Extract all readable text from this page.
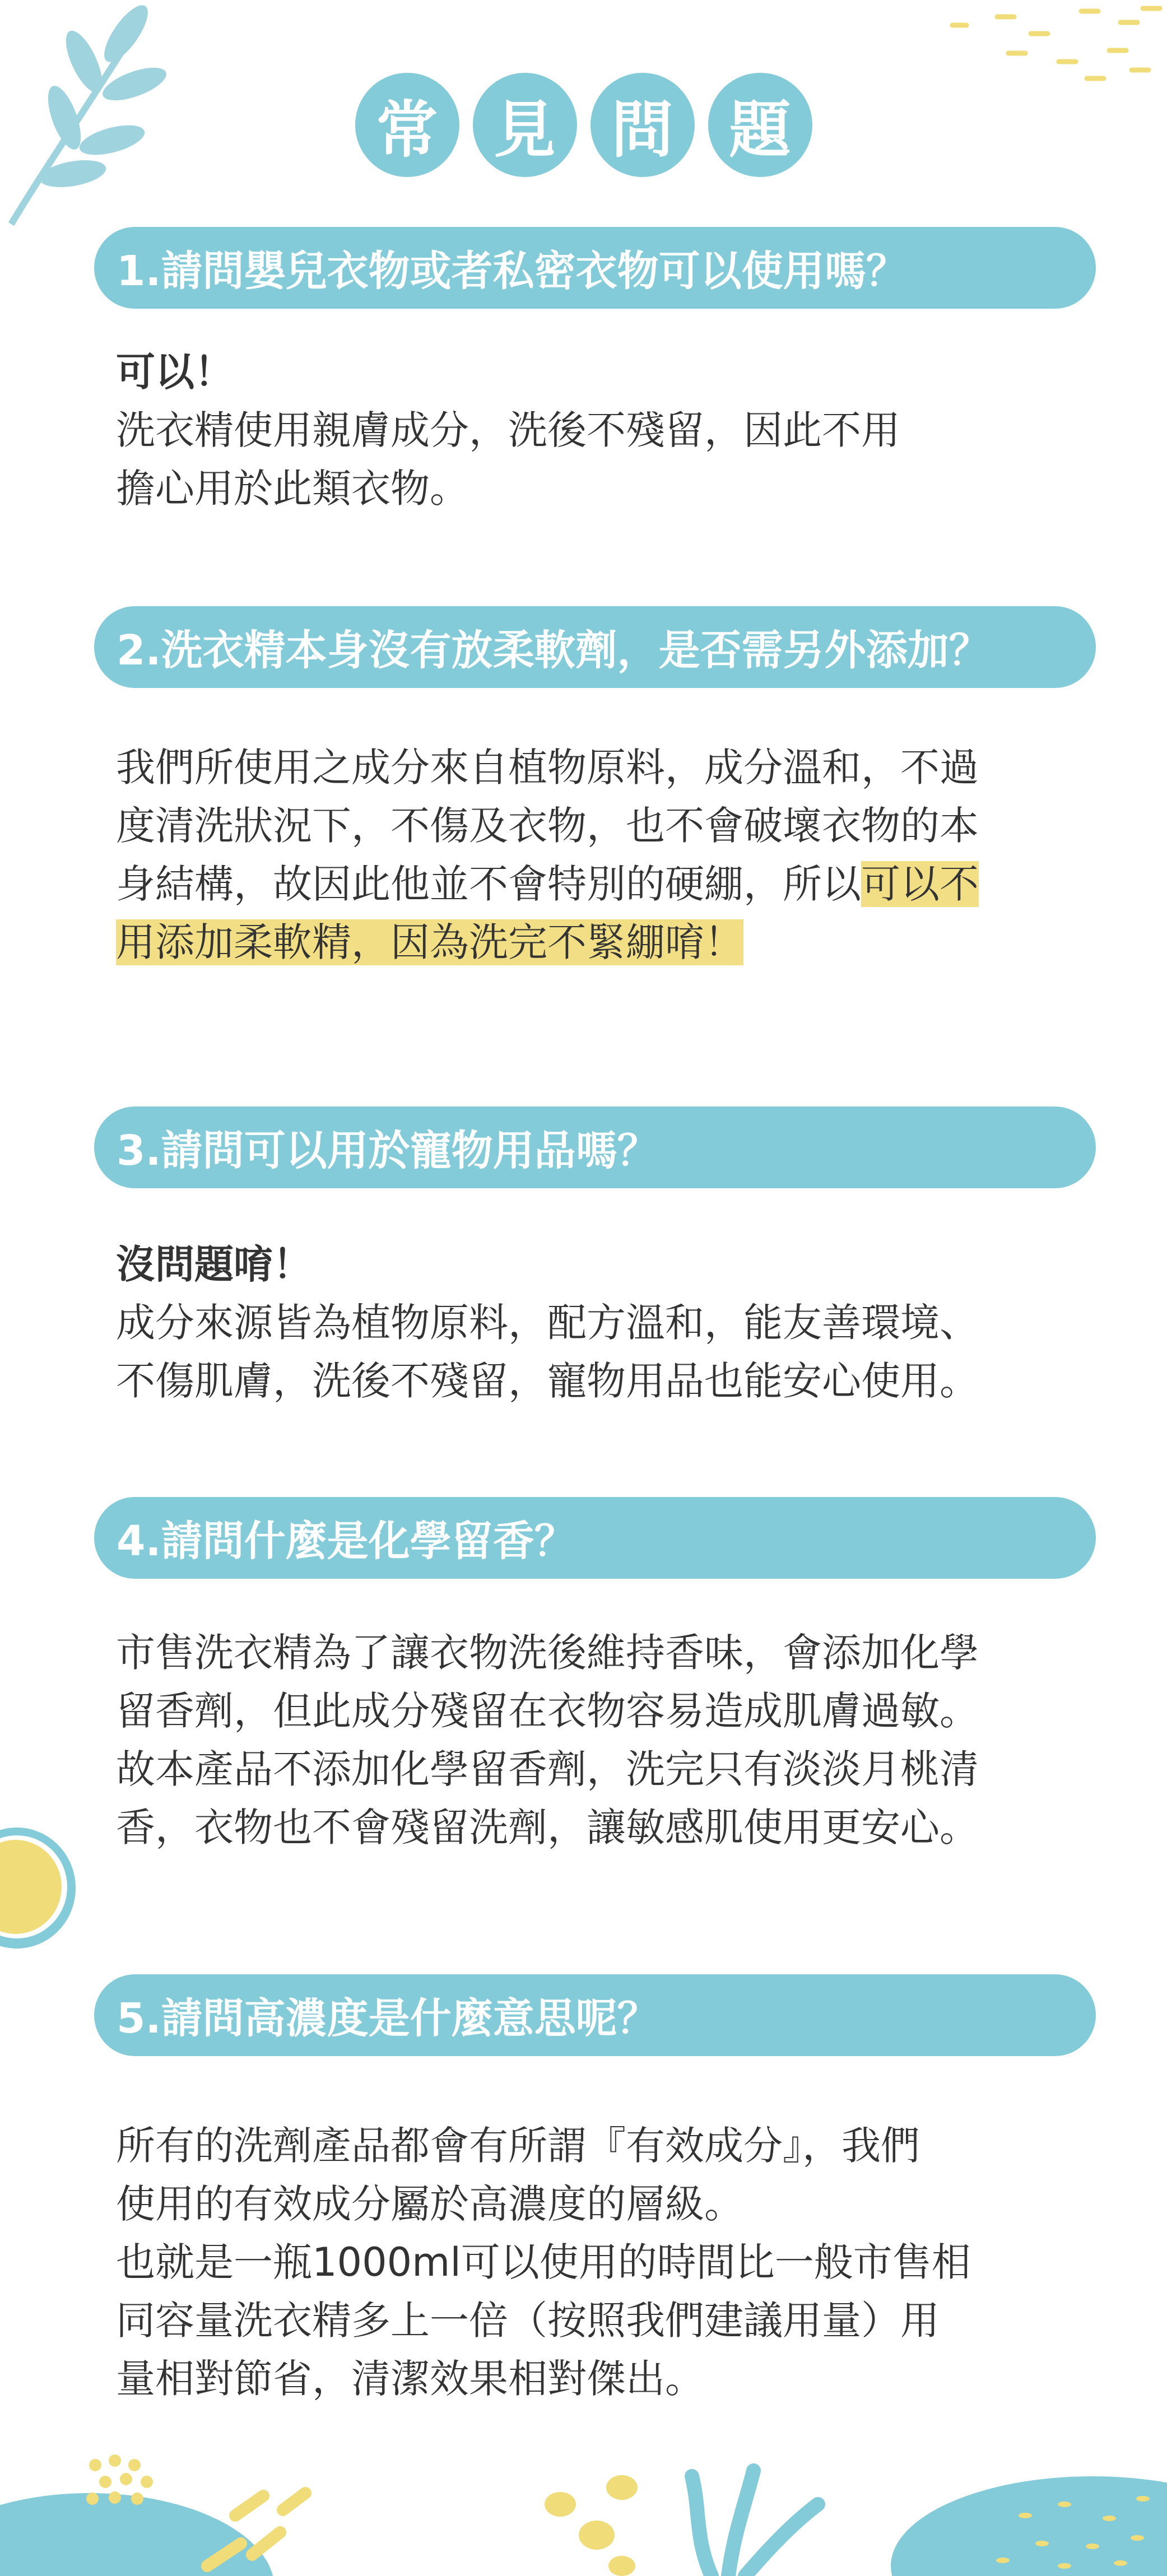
常 見 問 題
1.請問嬰兒衣物或者私密衣物可以使用嗎？

可以！

洗衣精使用親膚成分，洗後不殘留，因此不用

擔心用於此類衣物。

2.洗衣精本身沒有放柔軟劑，是否需另外添加？

我們所使用之成分來自植物原料，成分溫和，不過

度清洗狀況下，不傷及衣物，也不會破壞衣物的本

身結構，故因此他並不會特別的硬綳，所以可以不

用添加柔軟精，因為洗完不緊綳唷！

3.請問可以用於寵物用品嗎？

沒問題唷！

成分來源皆為植物原料，配方溫和，能友善環境、

不傷肌膚，洗後不殘留，寵物用品也能安心使用。

4.請問什麼是化學留香？

市售洗衣精為了讓衣物洗後維持香味，會添加化學

留香劑，但此成分殘留在衣物容易造成肌膚過敏。

故本產品不添加化學留香劑，洗完只有淡淡月桃清

香，衣物也不會殘留洗劑，讓敏感肌使用更安心。

5.請問高濃度是什麼意思呢？

所有的洗劑產品都會有所謂『有效成分』，我們

使用的有效成分屬於高濃度的層級。

也就是一瓶1000ml可以使用的時間比一般市售相

同容量洗衣精多上一倍（按照我們建議用量）用

量相對節省，清潔效果相對傑出。
